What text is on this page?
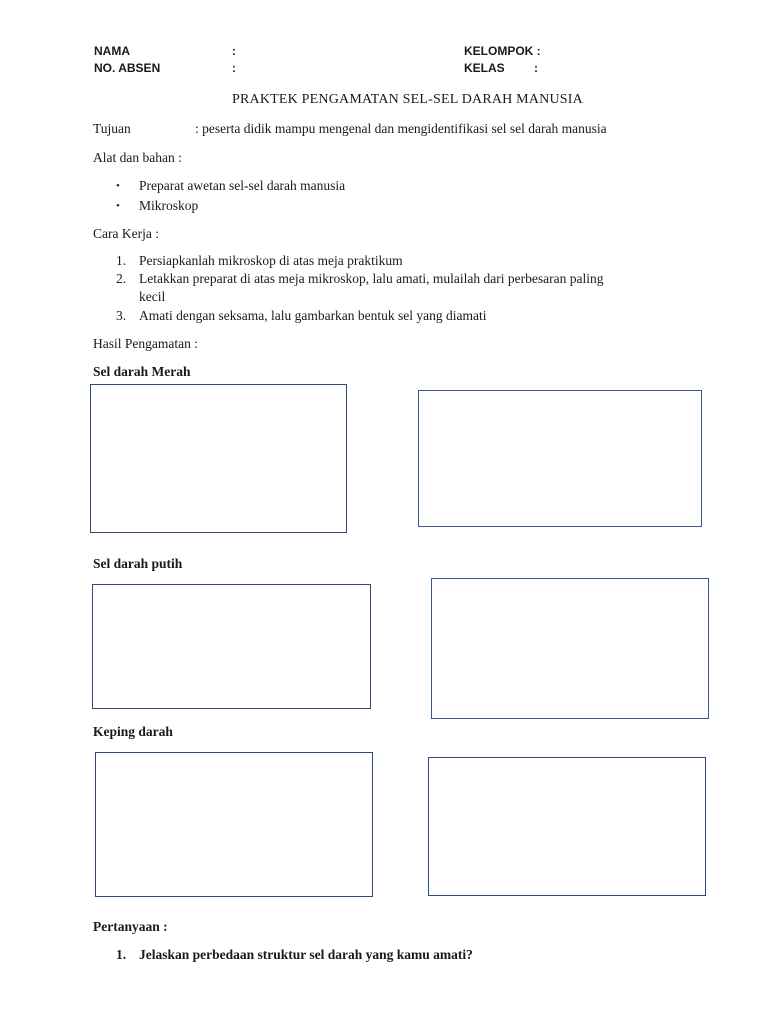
NAMA	:	KELOMPOK :
NO. ABSEN	:	KELAS :
PRAKTEK PENGAMATAN SEL-SEL DARAH MANUSIA
Tujuan	: peserta didik mampu mengenal dan mengidentifikasi sel sel darah manusia
Alat dan bahan :
• Preparat awetan sel-sel darah manusia
• Mikroskop
Cara Kerja :
1. Persiapkanlah mikroskop di atas meja praktikum
2. Letakkan preparat di atas meja mikroskop, lalu amati, mulailah dari perbesaran paling
kecil
3. Amati dengan seksama, lalu gambarkan bentuk sel yang diamati
Hasil Pengamatan :
Sel darah Merah
Sel darah putih
Keping darah
Pertanyaan :
1. Jelaskan perbedaan struktur sel darah yang kamu amati?
